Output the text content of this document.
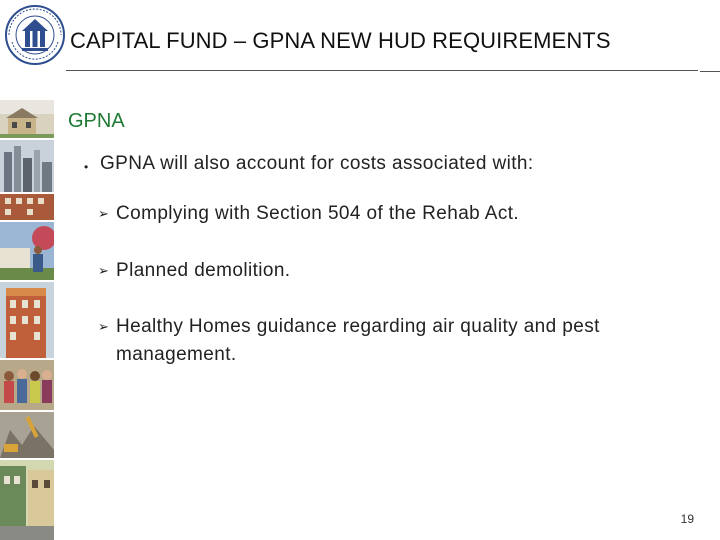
CAPITAL FUND – GPNA NEW HUD REQUIREMENTS
GPNA
• GPNA will also account for costs associated with:
➢ Complying with Section 504 of the Rehab Act.
➢ Planned demolition.
➢ Healthy Homes guidance regarding air quality and pest management.
19
